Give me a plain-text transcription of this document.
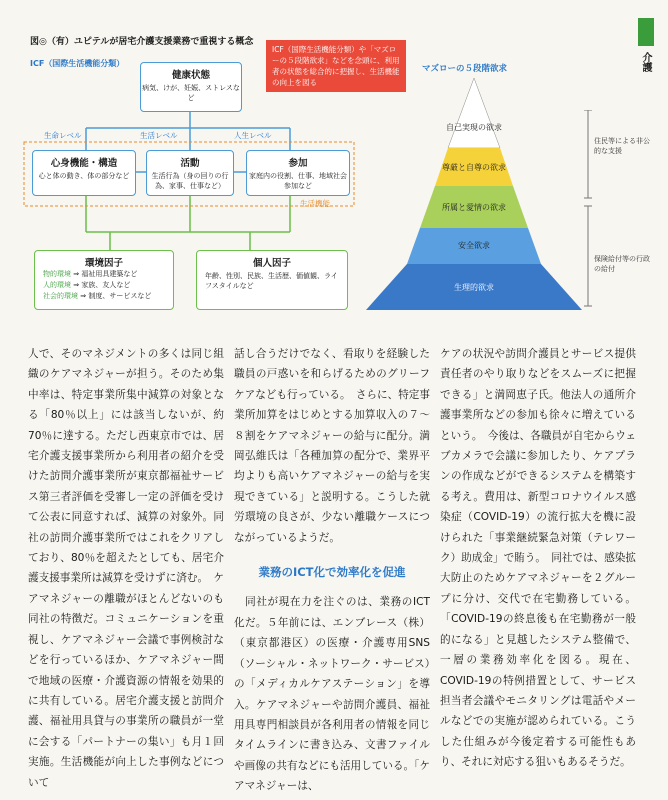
介護
図◎（有）ユピテルが居宅介護支援業務で重視する概念
ICF（国際生活機能分類）
ICF（国際生活機能分類）や「マズローの５段階欲求」などを念頭に、利用者の状態を総合的に把握し、生活機能の向上を図る
健康状態
病気、けが、妊娠、ストレスなど
生命レベル	生活レベル	人生レベル
心身機能・構造
心と体の動き、体の部分など
活動
生活行為（身の回りの行為、家事、仕事など）
参加
家庭内の役割、仕事、地域社会参加など
生活機能
環境因子
物的環境 ⇒ 福祉用具建築など
人的環境 ⇒ 家族、友人など
社会的環境 ⇒ 制度、サービスなど
個人因子
年齢、性別、民族、生活歴、価値観、ライフスタイルなど
マズローの５段階欲求
自己実現の欲求
尊厳と自尊の欲求
所属と愛情の欲求
安全欲求
生理的欲求
住民等による非公的な支援
保険給付等の行政の給付

人で、そのマネジメントの多くは同じ組織のケアマネジャーが担う。そのため集中率は、特定事業所集中減算の対象となる「80％以上」には該当しないが、約70％に達する。ただし西東京市では、居宅介護支援事業所から利用者の紹介を受けた訪問介護事業所が東京都福祉サービス第三者評価を受審し一定の評価を受けて公表に同意すれば、減算の対象外。同社の訪問介護事業所ではこれをクリアしており、80％を超えたとしても、居宅介護支援事業所は減算を受けずに済む。　ケアマネジャーの離職がほとんどないのも同社の特徴だ。コミュニケーションを重視し、ケアマネジャー会議で事例検討などを行っているほか、ケアマネジャー間で地域の医療・介護資源の情報を効果的に共有している。居宅介護支援と訪問介護、福祉用具貸与の事業所の職員が一堂に会する「パートナーの集い」も月１回実施。生活機能が向上した事例などについて

話し合うだけでなく、看取りを経験した職員の戸惑いを和らげるためのグリーフケアなども行っている。　さらに、特定事業所加算をはじめとする加算収入の７～８割をケアマネジャーの給与に配分。満岡弘維氏は「各種加算の配分で、業界平均よりも高いケアマネジャーの給与を実現できている」と説明する。こうした就労環境の良さが、少ない離職ケースにつながっているようだ。

業務のICT化で効率化を促進

　同社が現在力を注ぐのは、業務のICT化だ。５年前には、エンブレース（株）（東京都港区）の医療・介護専用SNS（ソーシャル・ネットワーク・サービス）の「メディカルケアステーション」を導入。ケアマネジャーや訪問介護員、福祉用具専門相談員が各利用者の情報を同じタイムラインに書き込み、文書ファイルや画像の共有などにも活用している。「ケアマネジャーは、

ケアの状況や訪問介護員とサービス提供責任者のやり取りなどをスムーズに把握できる」と満岡恵子氏。他法人の通所介護事業所などの参加も徐々に増えているという。　今後は、各職員が自宅からウェブカメラで会議に参加したり、ケアプランの作成などができるシステムを構築する考え。費用は、新型コロナウイルス感染症（COVID-19）の流行拡大を機に設けられた「事業継続緊急対策（テレワーク）助成金」で賄う。　同社では、感染拡大防止のためケアマネジャーを２グループに分け、交代で在宅勤務している。「COVID-19の終息後も在宅勤務が一般的になる」と見越したシステム整備で、一層の業務効率化を図る。現在、COVID-19の特例措置として、サービス担当者会議やモニタリングは電話やメールなどでの実施が認められている。こうした仕組みが今後定着する可能性もあり、それに対応する狙いもあるそうだ。
